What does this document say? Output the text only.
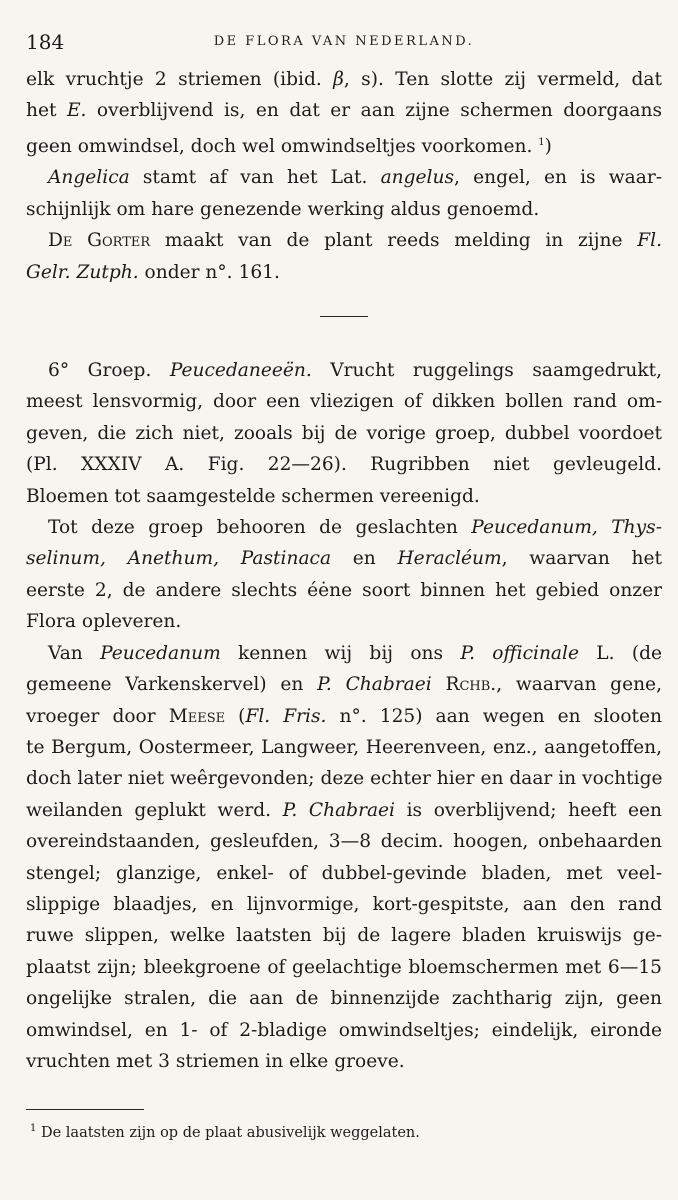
184	DE FLORA VAN NEDERLAND.

elk vruchtje 2 striemen (ibid. β, s). Ten slotte zij vermeld, dat

het E. overblijvend is, en dat er aan zijne schermen doorgaans

geen omwindsel, doch wel omwindseltjes voorkomen. $^1$)

Angelica stamt af van het Lat. angelus, engel, en is waar-

schijnlijk om hare genezende werking aldus genoemd.

De Gorter maakt van de plant reeds melding in zijne Fl.

Gelr. Zutph. onder n°. 161.

6° Groep. Peucedaneeën. Vrucht ruggelings saamgedrukt,

meest lensvormig, door een vliezigen of dikken bollen rand om-

geven, die zich niet, zooals bij de vorige groep, dubbel voordoet

(Pl. XXXIV A. Fig. 22—26). Rugribben niet gevleugeld.

Bloemen tot saamgestelde schermen vereenigd.

Tot deze groep behooren de geslachten Peucedanum, Thys-

selinum, Anethum, Pastinaca en Heracléum, waarvan het

eerste 2, de andere slechts éėne soort binnen het gebied onzer

Flora opleveren.

Van Peucedanum kennen wij bij ons P. officinale L. (de

gemeene Varkenskervel) en P. Chabraei Rchb., waarvan gene,

vroeger door Meese (Fl. Fris. n°. 125) aan wegen en slooten

te Bergum, Oostermeer, Langweer, Heerenveen, enz., aangetoffen,

doch later niet weêrgevonden; deze echter hier en daar in vochtige

weilanden geplukt werd. P. Chabraei is overblijvend; heeft een

overeindstaanden, gesleufden, 3—8 decim. hoogen, onbehaarden

stengel; glanzige, enkel- of dubbel-gevinde bladen, met veel-

slippige blaadjes, en lijnvormige, kort-gespitste, aan den rand

ruwe slippen, welke laatsten bij de lagere bladen kruiswijs ge-

plaatst zijn; bleekgroene of geelachtige bloemschermen met 6—15

ongelijke stralen, die aan de binnenzijde zachtharig zijn, geen

omwindsel, en 1- of 2-bladige omwindseltjes; eindelijk, eironde

vruchten met 3 striemen in elke groeve.

$^1$ De laatsten zijn op de plaat abusivelijk weggelaten.
